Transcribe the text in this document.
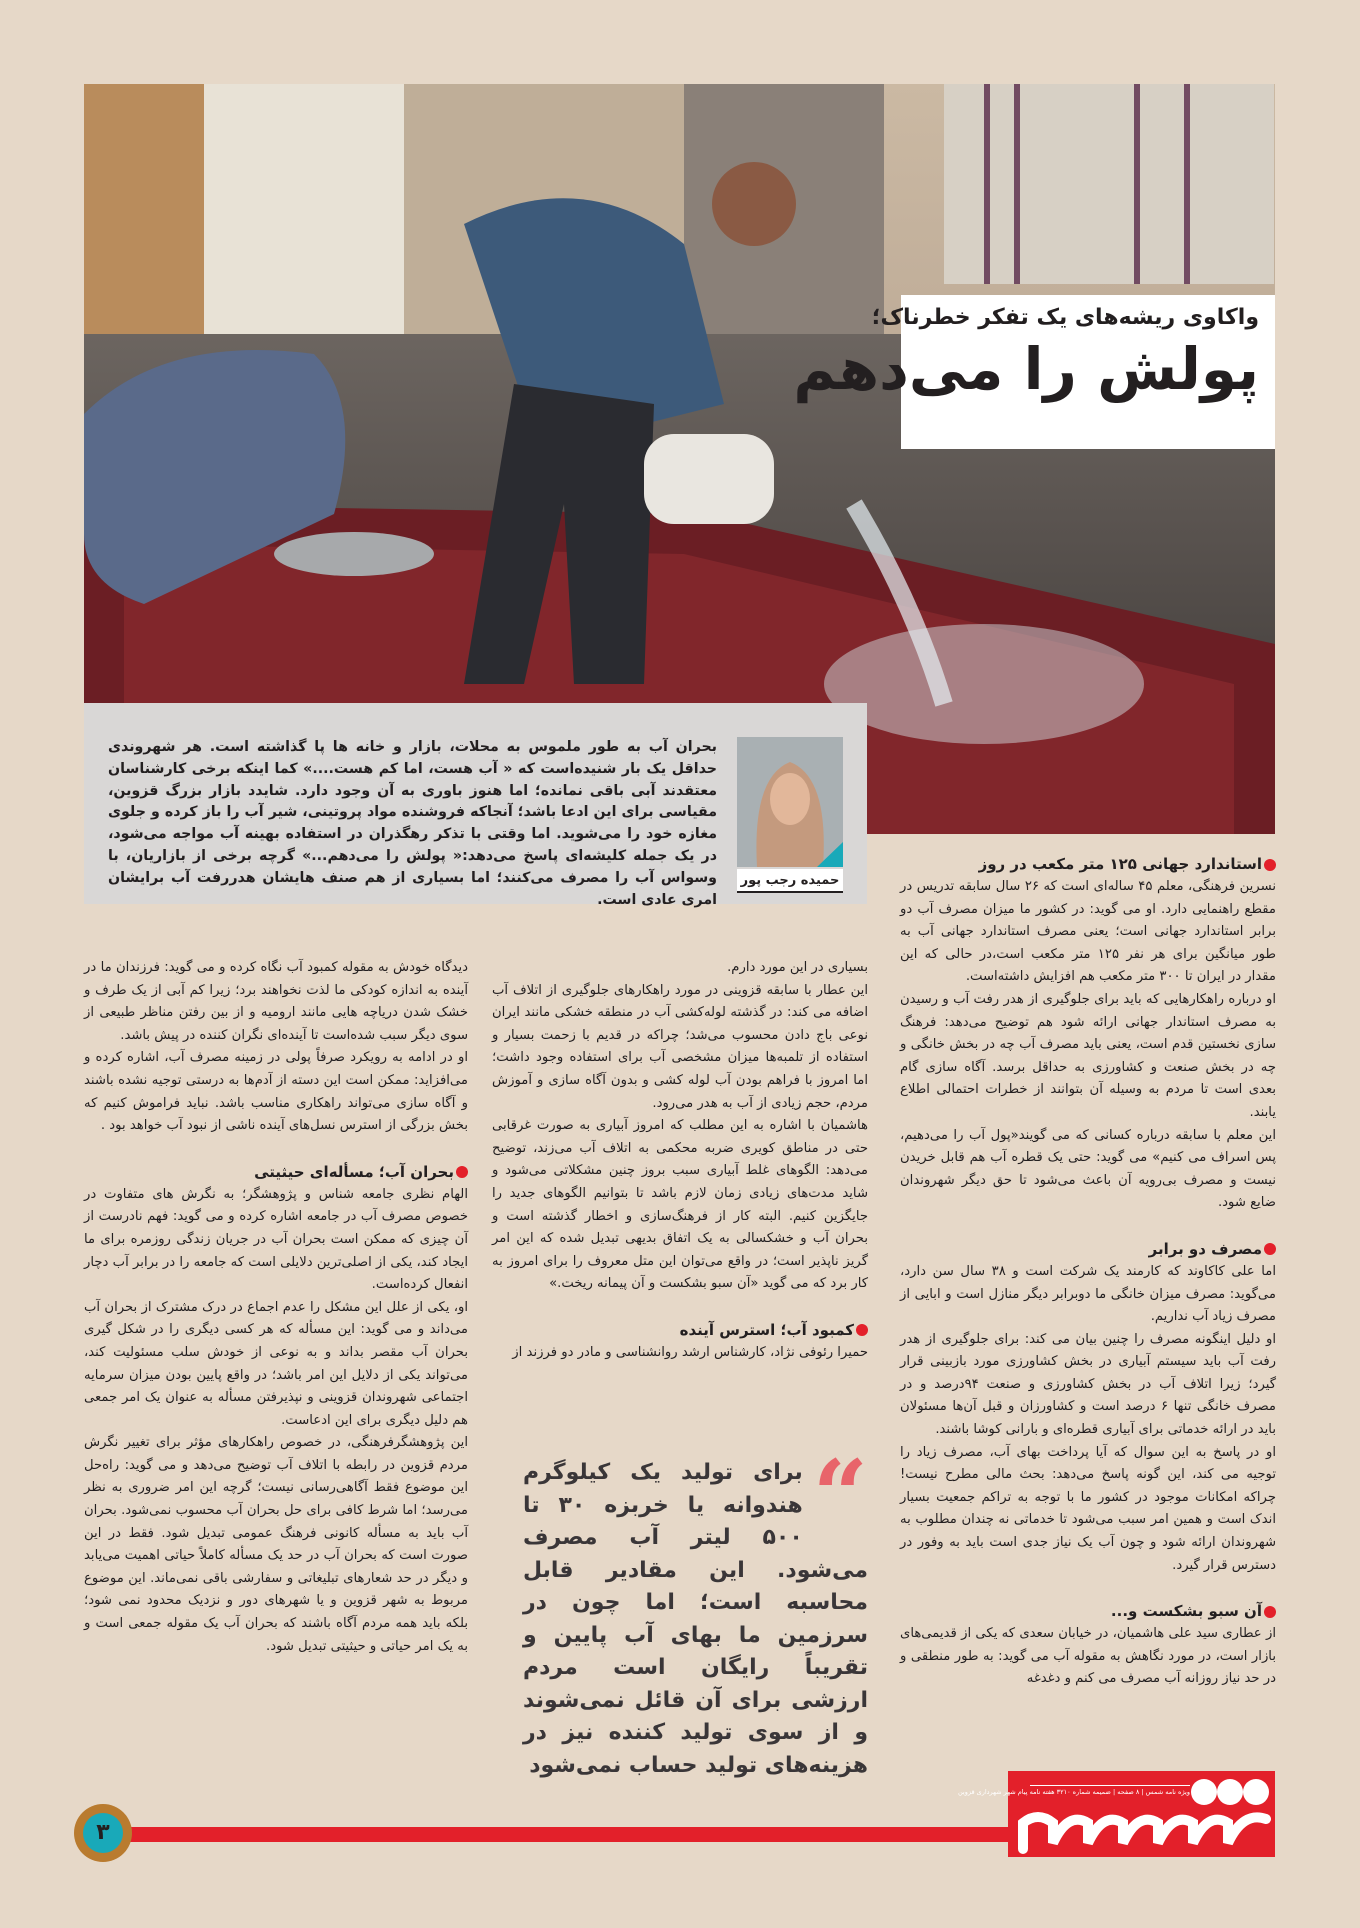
واکاوی ریشه‌های یک تفکر خطرناک؛
پولش را می‌دهم
حمیده رجب پور
بحران آب به طور ملموس به محلات، بازار و خانه ها پا گذاشته است. هر شهروندی حداقل یک بار شنیده‌است که « آب هست، اما کم هست....» کما اینکه برخی کارشناسان معتقدند آبی باقی نمانده؛ اما هنوز باوری به آن وجود دارد. شایدد بازار بزرگ قزوین، مقیاسی برای این ادعا باشد؛ آنجاکه فروشنده مواد پروتینی، شیر آب را باز کرده و جلوی مغازه خود را می‌شوید. اما وقتی با تذکر رهگذران در استفاده بهینه آب مواجه می‌شود، در یک جمله کلیشه‌ای پاسخ می‌دهد:« پولش را می‌دهم...» گرچه برخی از بازاریان، با وسواس آب را مصرف می‌کنند؛ اما بسیاری از هم صنف هایشان هدررفت آب برایشان امری عادی است.
استاندارد جهانی ۱۲۵ متر مکعب در روز

نسرین فرهنگی، معلم ۴۵ ساله‌ای است که ۲۶ سال سابقه تدریس در مقطع راهنمایی دارد. او می گوید: در کشور ما میزان مصرف آب دو برابر استاندارد جهانی است؛ یعنی مصرف استاندارد جهانی آب به طور میانگین برای هر نفر ۱۲۵ متر مکعب است،در حالی که این مقدار در ایران تا ۳۰۰ متر مکعب هم افزایش داشته‌است.

او درباره راهکارهایی که باید برای جلوگیری از هدر رفت آب و رسیدن به مصرف استاندار جهانی ارائه شود هم توضیح می‌دهد: فرهنگ سازی نخستین قدم است، یعنی باید مصرف آب چه در بخش خانگی و چه در بخش صنعت و کشاورزی به حداقل برسد. آگاه سازی گام بعدی است تا مردم به وسیله آن بتوانند از خطرات احتمالی اطلاع یابند.

این معلم با سابقه درباره کسانی که می گویند«پول آب را می‌دهیم، پس اسراف می کنیم» می گوید: حتی یک قطره آب هم قابل خریدن نیست و مصرف بی‌رویه آن باعث می‌شود تا حق دیگر شهروندان ضایع شود.

مصرف دو برابر

اما علی کاکاوند که کارمند یک شرکت است و ۳۸ سال سن دارد، می‌گوید: مصرف میزان خانگی ما دوبرابر دیگر منازل است و ابایی از مصرف زیاد آب نداریم.

او دلیل اینگونه مصرف را چنین بیان می کند: برای جلوگیری از هدر رفت آب باید سیستم آبیاری در بخش کشاورزی مورد بازبینی قرار گیرد؛ زیرا اتلاف آب در بخش کشاورزی و صنعت ۹۴درصد و در مصرف خانگی تنها ۶ درصد است و کشاورزان و قبل آن‌ها مسئولان باید در ارائه خدماتی برای آبیاری قطره‌ای و بارانی کوشا باشند.

او در پاسخ به این سوال که آیا پرداخت بهای آب، مصرف زیاد را توجیه می کند، این گونه پاسخ می‌دهد: بحث مالی مطرح نیست! چراکه امکانات موجود در کشور ما با توجه به تراکم جمعیت بسیار اندک است و همین امر سبب می‌شود تا خدماتی نه چندان مطلوب به شهروندان ارائه شود و چون آب یک نیاز جدی است باید به وفور در دسترس قرار گیرد.

آن سبو بشکست و...

از عطاری سید علی هاشمیان، در خیابان سعدی که یکی از قدیمی‌های بازار است، در مورد نگاهش به مقوله آب می گوید: به طور منطقی و در حد نیاز روزانه آب مصرف می کنم و دغدغه

بسیاری در این مورد دارم.

این عطار با سابقه قزوینی در مورد راهکارهای جلوگیری از اتلاف آب اضافه می کند: در گذشته لوله‌کشی آب در منطقه خشکی مانند ایران نوعی باج دادن محسوب می‌شد؛ چراکه در قدیم با زحمت بسیار و استفاده از تلمبه‌ها میزان مشخصی آب برای استفاده وجود داشت؛ اما امروز با فراهم بودن آب لوله کشی و بدون آگاه سازی و آموزش مردم، حجم زیادی از آب به هدر می‌رود.

هاشمیان با اشاره به این مطلب که امروز آبیاری به صورت غرقابی حتی در مناطق کویری ضربه محکمی به اتلاف آب می‌زند، توضیح می‌دهد: الگوهای غلط آبیاری سبب بروز چنین مشکلاتی می‌شود و شاید مدت‌های زیادی زمان لازم باشد تا بتوانیم الگوهای جدید را جایگزین کنیم. البته کار از فرهنگ‌سازی و اخطار گذشته است و بحران آب و خشکسالی به یک اتفاق بدیهی تبدیل شده که این امر گریز ناپذیر است؛ در واقع می‌توان این متل معروف را برای امروز به کار برد که می گوید «آن سبو بشکست و آن پیمانه ریخت.»

کمبود آب؛ استرس آینده

حمیرا رئوفی نژاد، کارشناس ارشد روانشناسی و مادر دو فرزند از

“
برای تولید یک کیلوگرم هندوانه یا خربزه ۳۰ تا ۵۰۰ لیتر آب مصرف می‌شود. این مقادیر قابل محاسبه است؛ اما چون در سرزمین ما بهای آب پایین و تقریباً رایگان است مردم ارزشی برای آن قائل نمی‌شوند و از سوی تولید کننده نیز در هزینه‌های تولید حساب نمی‌شود

دیدگاه خودش به مقوله کمبود آب نگاه کرده و می گوید: فرزندان ما در آینده به اندازه کودکی ما لذت نخواهند برد؛ زیرا کم آبی از یک طرف و خشک شدن دریاچه هایی مانند ارومیه و از بین رفتن مناظر طبیعی از سوی دیگر سبب شده‌است تا آینده‌ای نگران کننده در پیش باشد.

او در ادامه به رویکرد صرفاً پولی در زمینه مصرف آب، اشاره کرده و می‌افزاید: ممکن است این دسته از آدم‌ها به درستی توجیه نشده باشند و آگاه سازی می‌تواند راهکاری مناسب باشد. نباید فراموش کنیم که بخش بزرگی از استرس نسل‌های آینده ناشی از نبود آب خواهد بود .

بحران آب؛ مسأله‌ای حیثیتی

الهام نظری جامعه شناس و پژوهشگر؛ به نگرش های متفاوت در خصوص مصرف آب در جامعه اشاره کرده و می گوید: فهم نادرست از آن چیزی که ممکن است بحران آب در جریان زندگی روزمره برای ما ایجاد کند، یکی از اصلی‌ترین دلایلی است که جامعه را در برابر آب دچار انفعال کرده‌است.

او، یکی از علل این مشکل را عدم اجماع در درک مشترک از بحران آب می‌داند و می گوید: این مسأله که هر کسی دیگری را در شکل گیری بحران آب مقصر بداند و به نوعی از خودش سلب مسئولیت کند، می‌تواند یکی از دلایل این امر باشد؛ در واقع پایین بودن میزان سرمایه اجتماعی شهروندان قزوینی و نپذیرفتن مسأله به عنوان یک امر جمعی هم دلیل دیگری برای این ادعاست.

این پژوهشگرفرهنگی، در خصوص راهکارهای مؤثر برای تغییر نگرش مردم قزوین در رابطه با اتلاف آب توضیح می‌دهد و می گوید: راه‌حل این موضوع فقط آگاهی‌رسانی نیست؛ گرچه این امر ضروری به نظر می‌رسد؛ اما شرط کافی برای حل بحران آب محسوب نمی‌شود. بحران آب باید به مسأله کانونی فرهنگ عمومی تبدیل شود. فقط در این صورت است که بحران آب در حد یک مسأله کاملاً حیاتی اهمیت می‌یابد و دیگر در حد شعارهای تبلیغاتی و سفارشی باقی نمی‌ماند. این موضوع مربوط به شهر قزوین و یا شهرهای دور و نزدیک محدود نمی شود؛ بلکه باید همه مردم آگاه باشند که بحران آب یک مقوله جمعی است و به یک امر حیاتی و حیثیتی تبدیل شود.

۳
ویژه نامه شمس | ۸ صفحه | ضمیمه شماره ۳۲۱۰ هفته نامه پیام شهر شهرداری قزوین
